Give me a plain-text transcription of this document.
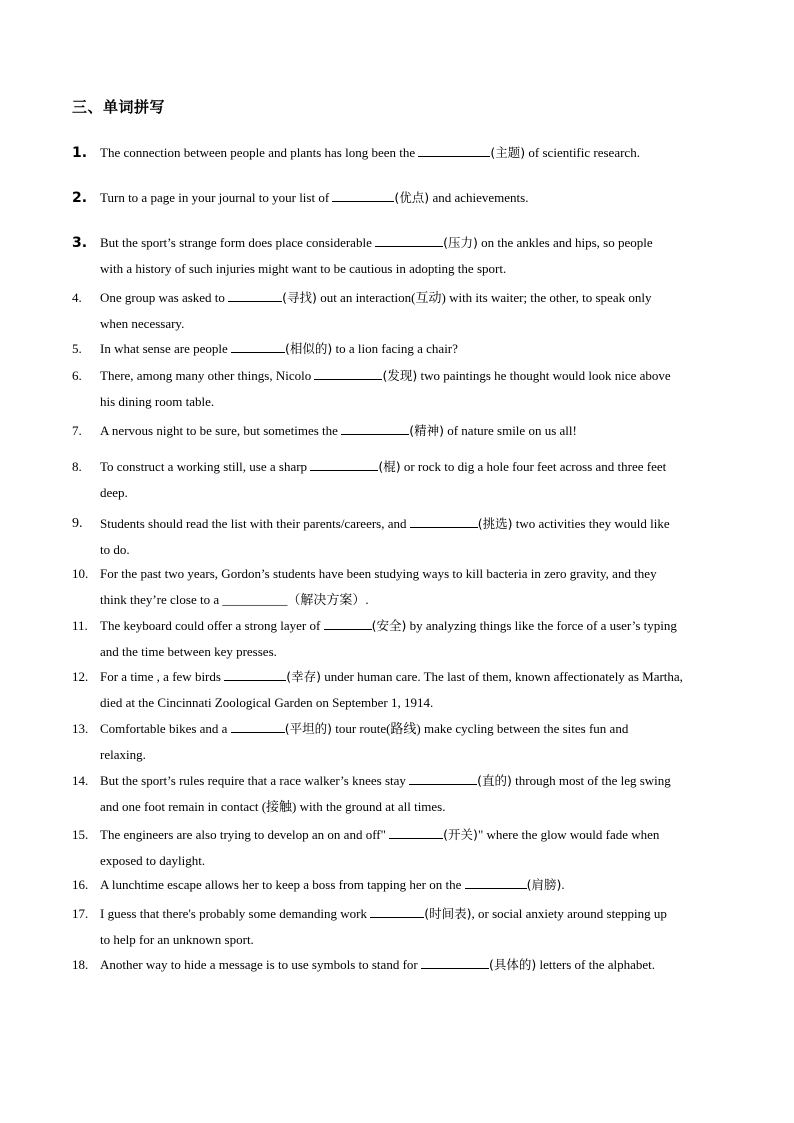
三、单词拼写
1. The connection between people and plants has long been the	(主题) of scientific research.
2. Turn to a page in your journal to your list of	(优点) and achievements.
3. But the sport’s strange form does place considerable	(压力) on the ankles and hips, so people
with a history of such injuries might want to be cautious in adopting the sport.
4.	One group was asked to	(寻找) out an interaction(互动) with its waiter; the other, to speak only
when necessary.
5.	In what sense are people	(相似的) to a lion facing a chair?
6.	There, among many other things, Nicolo	(发现) two paintings he thought would look nice above
his dining room table.
7.	A nervous night to be sure, but sometimes the	(精神) of nature smile on us all!
8.	To construct a working still, use a sharp	(棍) or rock to dig a hole four feet across and three feet
deep.
9.	Students should read the list with their parents/careers, and	(挑选) two activities they would like
to do.
10. For the past two years, Gordon’s students have been studying ways to kill bacteria in zero gravity, and they
think they’re close to a __________（解决方案）.
11. The keyboard could offer a strong layer of	(安全) by analyzing things like the force of a user’s typing
and the time between key presses.
12. For a time , a few birds	(幸存) under human care. The last of them, known affectionately as Martha,
died at the Cincinnati Zoological Garden on September 1, 1914.
13. Comfortable bikes and a	(平坦的) tour route(路线) make cycling between the sites fun and
relaxing.
14. But the sport’s rules require that a race walker’s knees stay	(直的) through most of the leg swing
and one foot remain in contact (接触) with the ground at all times.
15. The engineers are also trying to develop an on and off"	(开关)" where the glow would fade when
exposed to daylight.
16. A lunchtime escape allows her to keep a boss from tapping her on the	(肩膀).
17. I guess that there's probably some demanding work	(时间表), or social anxiety around stepping up
to help for an unknown sport.
18. Another way to hide a message is to use symbols to stand for	(具体的) letters of the alphabet.
